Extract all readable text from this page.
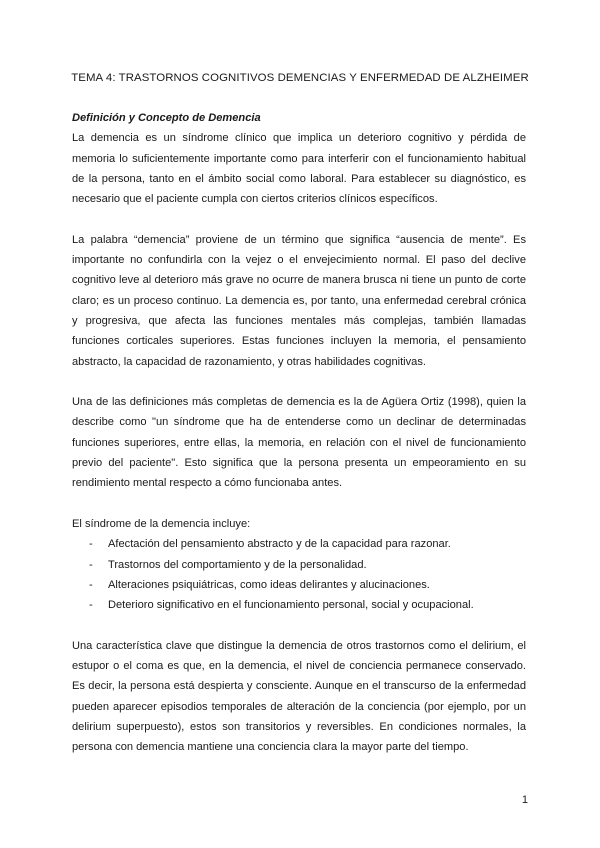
TEMA 4: TRASTORNOS COGNITIVOS DEMENCIAS Y ENFERMEDAD DE ALZHEIMER
Definición y Concepto de Demencia

La demencia es un síndrome clínico que implica un deterioro cognitivo y pérdida de memoria lo suficientemente importante como para interferir con el funcionamiento habitual de la persona, tanto en el ámbito social como laboral. Para establecer su diagnóstico, es necesario que el paciente cumpla con ciertos criterios clínicos específicos.

La palabra “demencia” proviene de un término que significa “ausencia de mente”. Es importante no confundirla con la vejez o el envejecimiento normal. El paso del declive cognitivo leve al deterioro más grave no ocurre de manera brusca ni tiene un punto de corte claro; es un proceso continuo. La demencia es, por tanto, una enfermedad cerebral crónica y progresiva, que afecta las funciones mentales más complejas, también llamadas funciones corticales superiores. Estas funciones incluyen la memoria, el pensamiento abstracto, la capacidad de razonamiento, y otras habilidades cognitivas.

Una de las definiciones más completas de demencia es la de Agüera Ortiz (1998), quien la describe como "un síndrome que ha de entenderse como un declinar de determinadas funciones superiores, entre ellas, la memoria, en relación con el nivel de funcionamiento previo del paciente". Esto significa que la persona presenta un empeoramiento en su rendimiento mental respecto a cómo funcionaba antes.

El síndrome de la demencia incluye:

- Afectación del pensamiento abstracto y de la capacidad para razonar.
- Trastornos del comportamiento y de la personalidad.
- Alteraciones psiquiátricas, como ideas delirantes y alucinaciones.
- Deterioro significativo en el funcionamiento personal, social y ocupacional.

Una característica clave que distingue la demencia de otros trastornos como el delirium, el estupor o el coma es que, en la demencia, el nivel de conciencia permanece conservado. Es decir, la persona está despierta y consciente. Aunque en el transcurso de la enfermedad pueden aparecer episodios temporales de alteración de la conciencia (por ejemplo, por un delirium superpuesto), estos son transitorios y reversibles. En condiciones normales, la persona con demencia mantiene una conciencia clara la mayor parte del tiempo.

1
